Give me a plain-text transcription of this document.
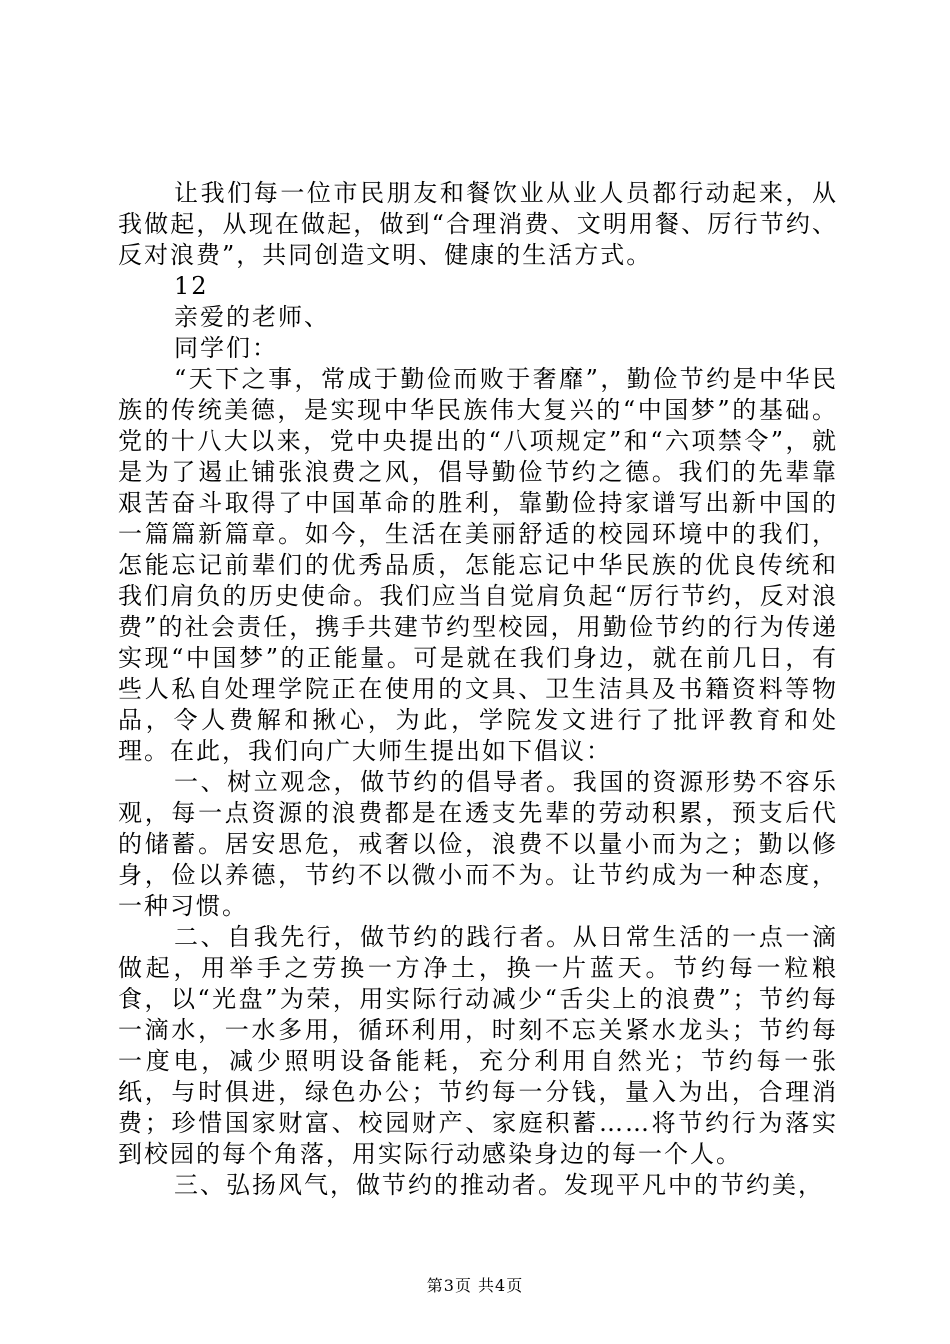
让我们每一位市民朋友和餐饮业从业人员都行动起来，从我做起，从现在做起，做到“合理消费、文明用餐、厉行节约、反对浪费”，共同创造文明、健康的生活方式。

12

亲爱的老师、

同学们：

“天下之事，常成于勤俭而败于奢靡”，勤俭节约是中华民族的传统美德，是实现中华民族伟大复兴的“中国梦”的基础。党的十八大以来，党中央提出的“八项规定”和“六项禁令”，就是为了遏止铺张浪费之风，倡导勤俭节约之德。我们的先辈靠艰苦奋斗取得了中国革命的胜利，靠勤俭持家谱写出新中国的一篇篇新篇章。如今，生活在美丽舒适的校园环境中的我们，怎能忘记前辈们的优秀品质，怎能忘记中华民族的优良传统和我们肩负的历史使命。我们应当自觉肩负起“厉行节约，反对浪费”的社会责任，携手共建节约型校园，用勤俭节约的行为传递实现“中国梦”的正能量。可是就在我们身边，就在前几日，有些人私自处理学院正在使用的文具、卫生洁具及书籍资料等物品，令人费解和揪心，为此，学院发文进行了批评教育和处理。在此，我们向广大师生提出如下倡议：

一、树立观念，做节约的倡导者。我国的资源形势不容乐观，每一点资源的浪费都是在透支先辈的劳动积累，预支后代的储蓄。居安思危，戒奢以俭，浪费不以量小而为之；勤以修身，俭以养德，节约不以微小而不为。让节约成为一种态度，一种习惯。

二、自我先行，做节约的践行者。从日常生活的一点一滴做起，用举手之劳换一方净土，换一片蓝天。节约每一粒粮食，以“光盘”为荣，用实际行动减少“舌尖上的浪费”；节约每一滴水，一水多用，循环利用，时刻不忘关紧水龙头；节约每一度电，减少照明设备能耗，充分利用自然光；节约每一张纸，与时俱进，绿色办公；节约每一分钱，量入为出，合理消费；珍惜国家财富、校园财产、家庭积蓄……将节约行为落实到校园的每个角落，用实际行动感染身边的每一个人。

三、弘扬风气，做节约的推动者。发现平凡中的节约美，

第3页 共4页
